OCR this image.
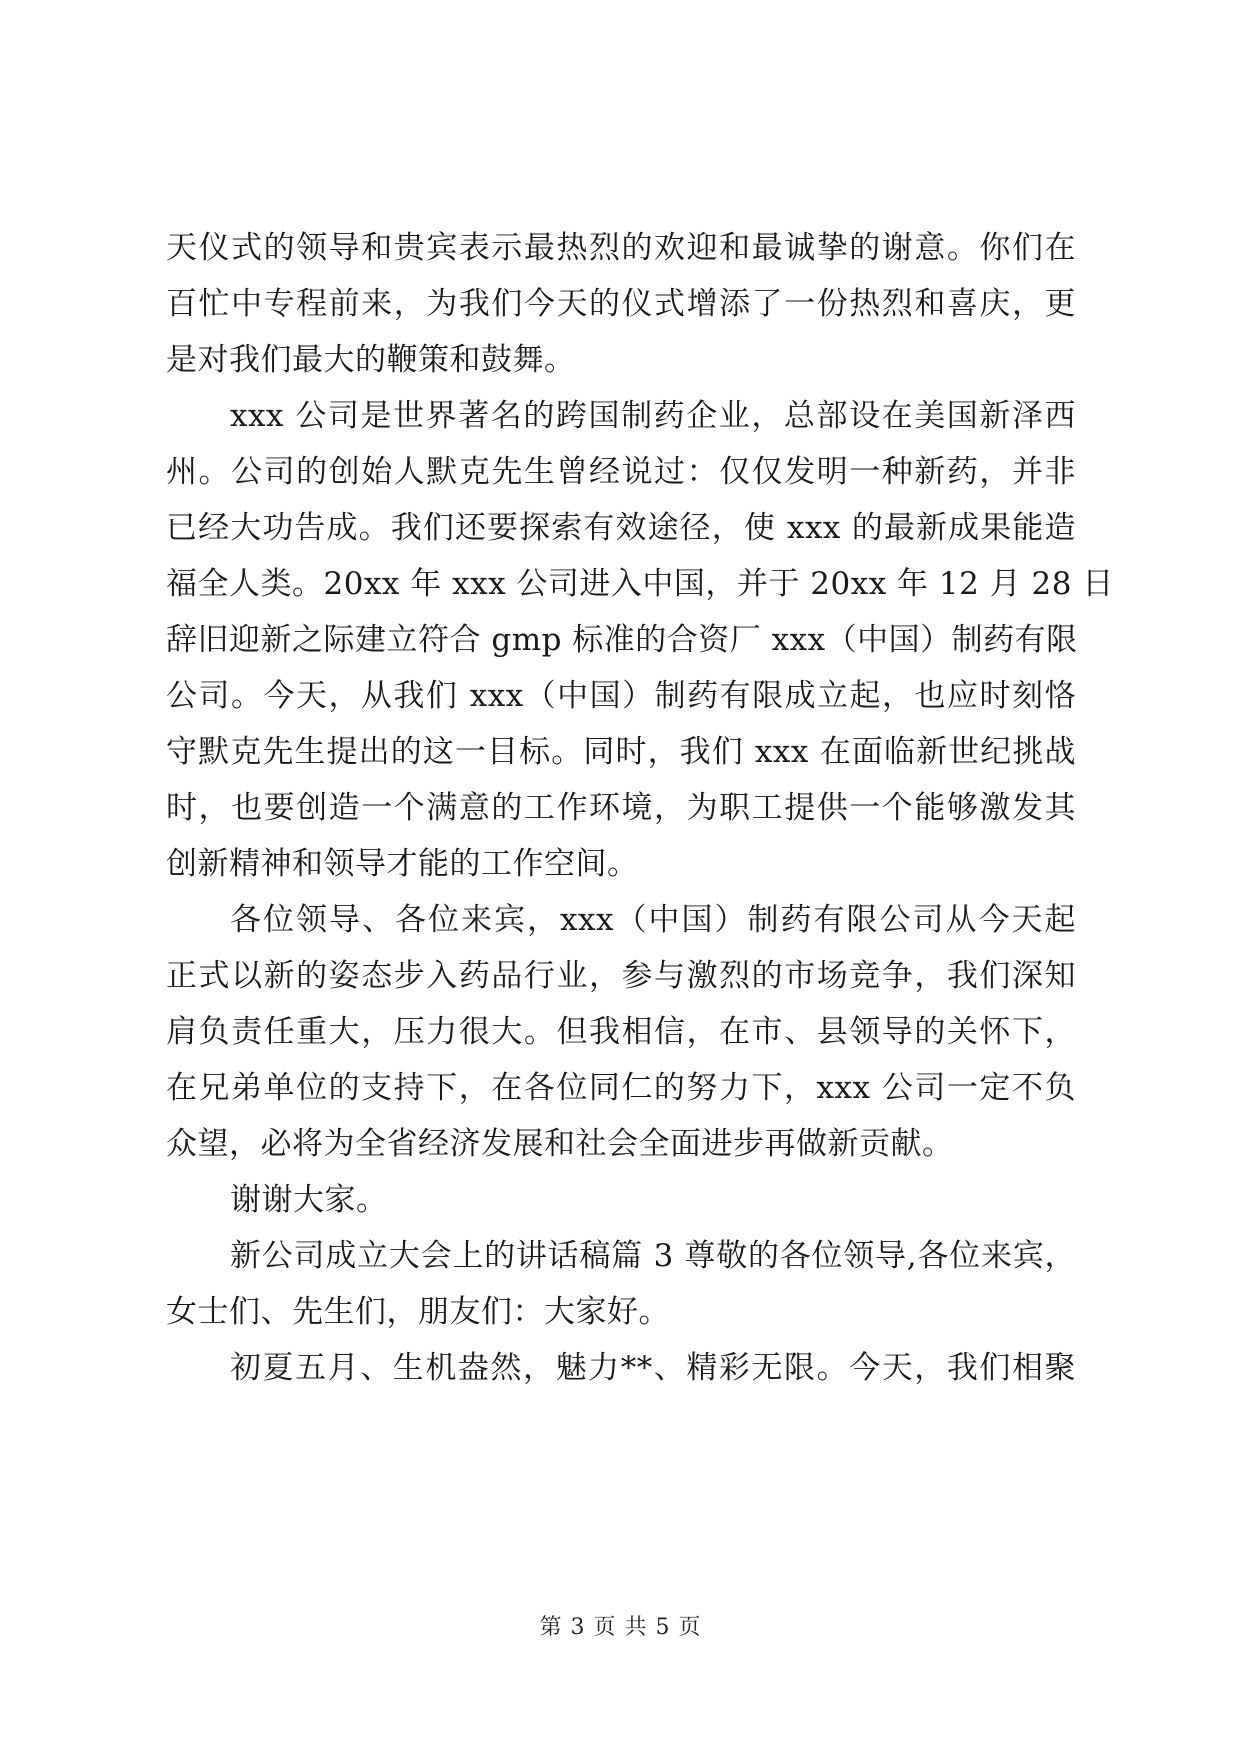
天仪式的领导和贵宾表示最热烈的欢迎和最诚挚的谢意。你们在
百忙中专程前来，为我们今天的仪式增添了一份热烈和喜庆，更
是对我们最大的鞭策和鼓舞。
xxx 公司是世界著名的跨国制药企业，总部设在美国新泽西
州。公司的创始人默克先生曾经说过：仅仅发明一种新药，并非
已经大功告成。我们还要探索有效途径，使 xxx 的最新成果能造
福全人类。20xx 年 xxx 公司进入中国，并于 20xx 年 12 月 28 日
辞旧迎新之际建立符合 gmp 标准的合资厂 xxx（中国）制药有限
公司。今天，从我们 xxx（中国）制药有限成立起，也应时刻恪
守默克先生提出的这一目标。同时，我们 xxx 在面临新世纪挑战
时，也要创造一个满意的工作环境，为职工提供一个能够激发其
创新精神和领导才能的工作空间。
各位领导、各位来宾，xxx（中国）制药有限公司从今天起
正式以新的姿态步入药品行业，参与激烈的市场竞争，我们深知
肩负责任重大，压力很大。但我相信，在市、县领导的关怀下，
在兄弟单位的支持下，在各位同仁的努力下，xxx 公司一定不负
众望，必将为全省经济发展和社会全面进步再做新贡献。
谢谢大家。
新公司成立大会上的讲话稿篇 3 尊敬的各位领导,各位来宾，
女士们、先生们，朋友们：大家好。
初夏五月、生机盎然，魅力**、精彩无限。今天，我们相聚
第 3 页 共 5 页
